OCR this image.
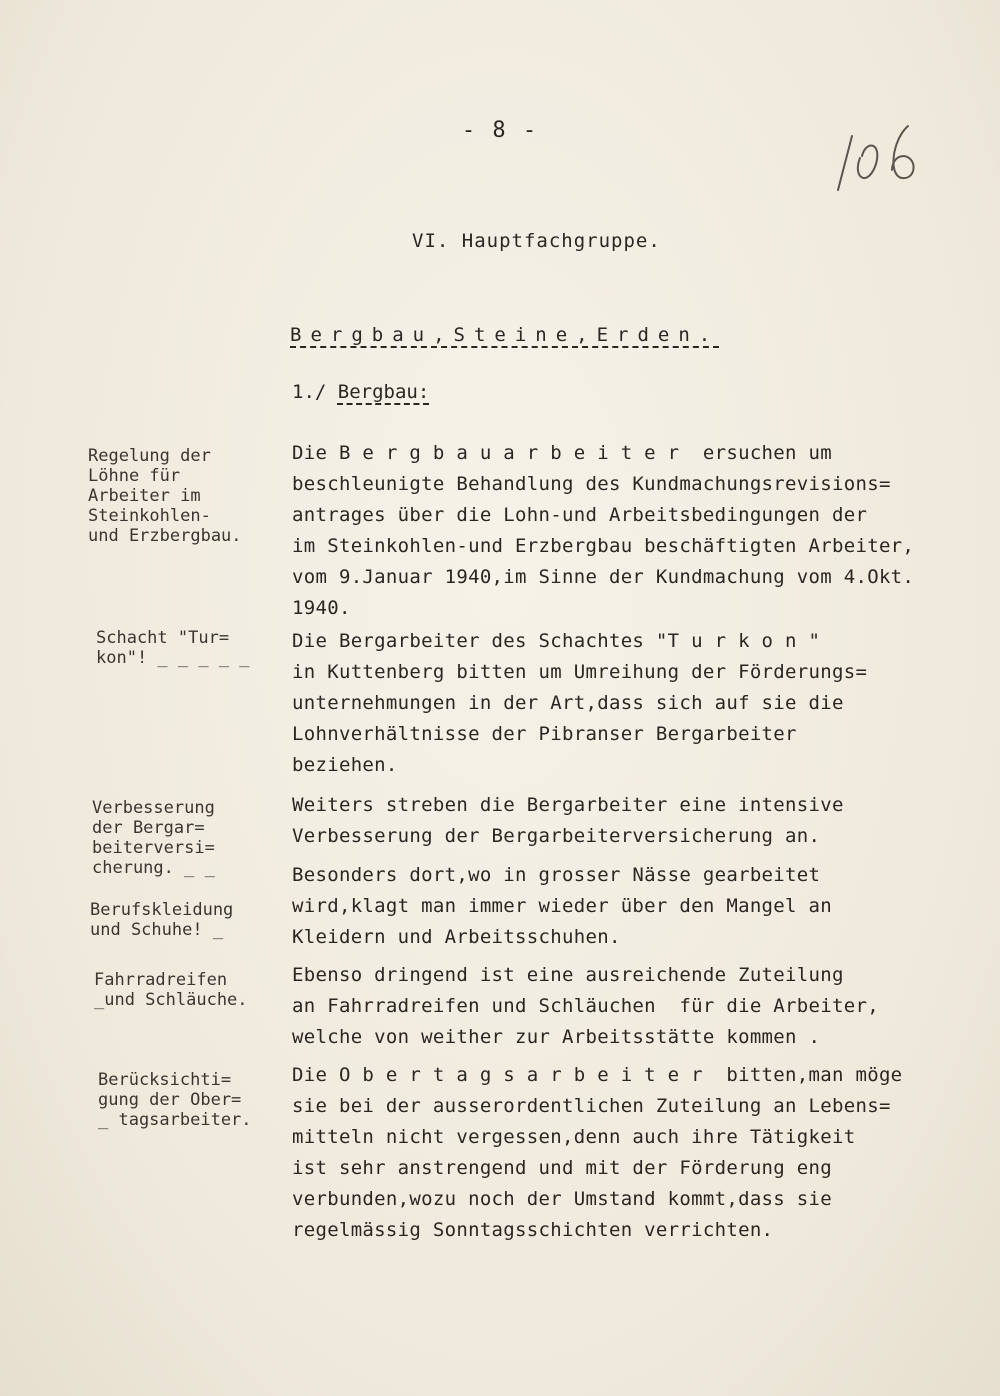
- 8 -
VI. Hauptfachgruppe.
Bergbau,Steine,Erden.
1./ Bergbau:
Regelung der
Löhne für
Arbeiter im
Steinkohlen-
und Erzbergbau.
Schacht "Tur=
kon"! _ _ _ _ _
Verbesserung
der Bergar=
beiterversi=
cherung. _ _
Berufskleidung
und Schuhe! _
Fahrradreifen
_und Schläuche.
Berücksichti=
gung der Ober=
_ tagsarbeiter.
Die B e r g b a u a r b e i t e r  ersuchen um
beschleunigte Behandlung des Kundmachungsrevisions=
antrages über die Lohn-und Arbeitsbedingungen der
im Steinkohlen-und Erzbergbau beschäftigten Arbeiter,
vom 9.Januar 1940,im Sinne der Kundmachung vom 4.Okt.
1940.
Die Bergarbeiter des Schachtes "T u r k o n "
in Kuttenberg bitten um Umreihung der Förderungs=
unternehmungen in der Art,dass sich auf sie die
Lohnverhältnisse der Pibranser Bergarbeiter
beziehen.
Weiters streben die Bergarbeiter eine intensive
Verbesserung der Bergarbeiterversicherung an.
Besonders dort,wo in grosser Nässe gearbeitet
wird,klagt man immer wieder über den Mangel an
Kleidern und Arbeitsschuhen.
Ebenso dringend ist eine ausreichende Zuteilung
an Fahrradreifen und Schläuchen  für die Arbeiter,
welche von weither zur Arbeitsstätte kommen .
Die O b e r t a g s a r b e i t e r  bitten,man möge
sie bei der ausserordentlichen Zuteilung an Lebens=
mitteln nicht vergessen,denn auch ihre Tätigkeit
ist sehr anstrengend und mit der Förderung eng
verbunden,wozu noch der Umstand kommt,dass sie
regelmässig Sonntagsschichten verrichten.
